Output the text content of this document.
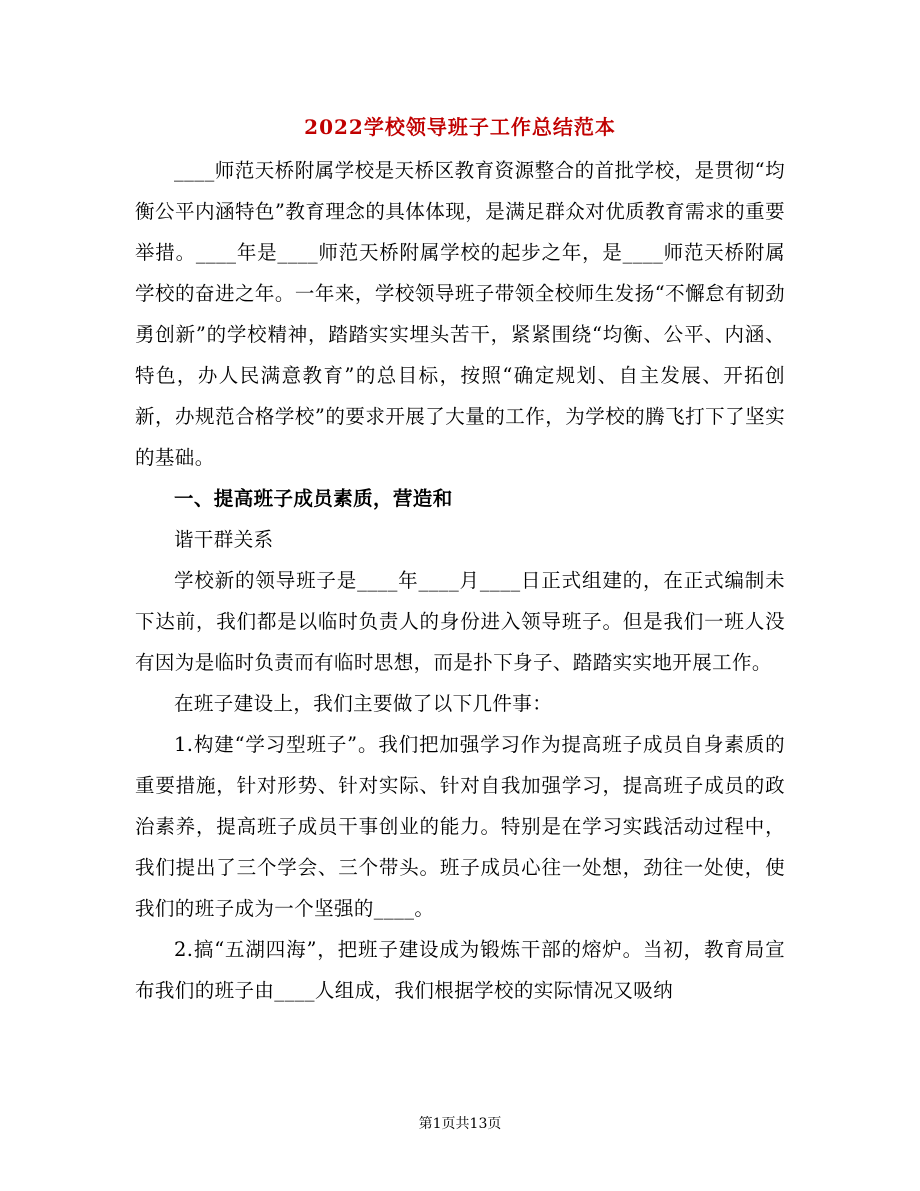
2022学校领导班子工作总结范本

____师范天桥附属学校是天桥区教育资源整合的首批学校，是贯彻“均衡公平内涵特色”教育理念的具体体现，是满足群众对优质教育需求的重要举措。____年是____师范天桥附属学校的起步之年，是____师范天桥附属学校的奋进之年。一年来，学校领导班子带领全校师生发扬“不懈怠有韧劲勇创新”的学校精神，踏踏实实埋头苦干，紧紧围绕“均衡、公平、内涵、特色，办人民满意教育”的总目标，按照“确定规划、自主发展、开拓创新，办规范合格学校”的要求开展了大量的工作，为学校的腾飞打下了坚实的基础。

一、提高班子成员素质，营造和

谐干群关系

学校新的领导班子是____年____月____日正式组建的，在正式编制未下达前，我们都是以临时负责人的身份进入领导班子。但是我们一班人没有因为是临时负责而有临时思想，而是扑下身子、踏踏实实地开展工作。

在班子建设上，我们主要做了以下几件事：

1.构建“学习型班子”。我们把加强学习作为提高班子成员自身素质的重要措施，针对形势、针对实际、针对自我加强学习，提高班子成员的政治素养，提高班子成员干事创业的能力。特别是在学习实践活动过程中，我们提出了三个学会、三个带头。班子成员心往一处想，劲往一处使，使我们的班子成为一个坚强的____。

2.搞“五湖四海”，把班子建设成为锻炼干部的熔炉。当初，教育局宣布我们的班子由____人组成，我们根据学校的实际情况又吸纳

第1页共13页
